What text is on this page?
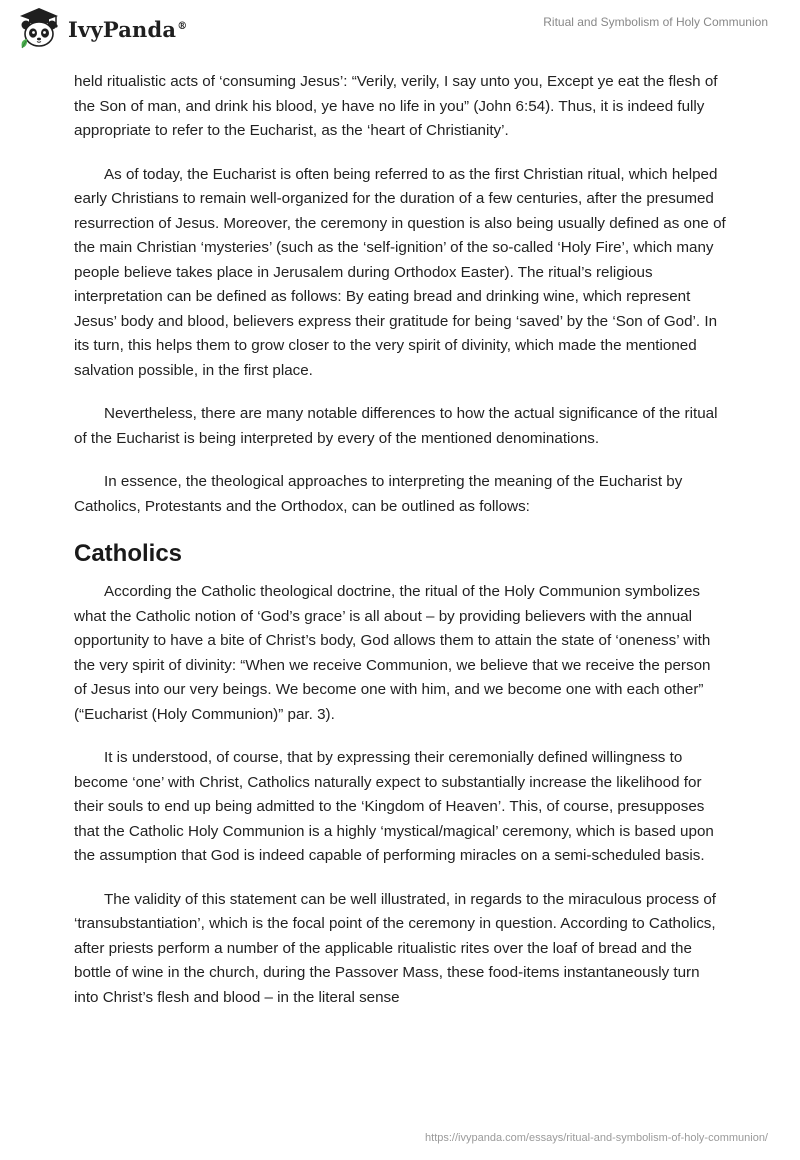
IvyPanda®	Ritual and Symbolism of Holy Communion

held ritualistic acts of ‘consuming Jesus’: “Verily, verily, I say unto you, Except ye eat the flesh of the Son of man, and drink his blood, ye have no life in you” (John 6:54). Thus, it is indeed fully appropriate to refer to the Eucharist, as the ‘heart of Christianity’.

As of today, the Eucharist is often being referred to as the first Christian ritual, which helped early Christians to remain well-organized for the duration of a few centuries, after the presumed resurrection of Jesus. Moreover, the ceremony in question is also being usually defined as one of the main Christian ‘mysteries’ (such as the ‘self-ignition’ of the so-called ‘Holy Fire’, which many people believe takes place in Jerusalem during Orthodox Easter). The ritual’s religious interpretation can be defined as follows: By eating bread and drinking wine, which represent Jesus’ body and blood, believers express their gratitude for being ‘saved’ by the ‘Son of God’. In its turn, this helps them to grow closer to the very spirit of divinity, which made the mentioned salvation possible, in the first place.

Nevertheless, there are many notable differences to how the actual significance of the ritual of the Eucharist is being interpreted by every of the mentioned denominations.

In essence, the theological approaches to interpreting the meaning of the Eucharist by Catholics, Protestants and the Orthodox, can be outlined as follows:

Catholics

According the Catholic theological doctrine, the ritual of the Holy Communion symbolizes what the Catholic notion of ‘God’s grace’ is all about – by providing believers with the annual opportunity to have a bite of Christ’s body, God allows them to attain the state of ‘oneness’ with the very spirit of divinity: “When we receive Communion, we believe that we receive the person of Jesus into our very beings. We become one with him, and we become one with each other” (“Eucharist (Holy Communion)” par. 3).

It is understood, of course, that by expressing their ceremonially defined willingness to become ‘one’ with Christ, Catholics naturally expect to substantially increase the likelihood for their souls to end up being admitted to the ‘Kingdom of Heaven’. This, of course, presupposes that the Catholic Holy Communion is a highly ‘mystical/magical’ ceremony, which is based upon the assumption that God is indeed capable of performing miracles on a semi-scheduled basis.

The validity of this statement can be well illustrated, in regards to the miraculous process of ‘transubstantiation’, which is the focal point of the ceremony in question. According to Catholics, after priests perform a number of the applicable ritualistic rites over the loaf of bread and the bottle of wine in the church, during the Passover Mass, these food-items instantaneously turn into Christ’s flesh and blood – in the literal sense

https://ivypanda.com/essays/ritual-and-symbolism-of-holy-communion/
